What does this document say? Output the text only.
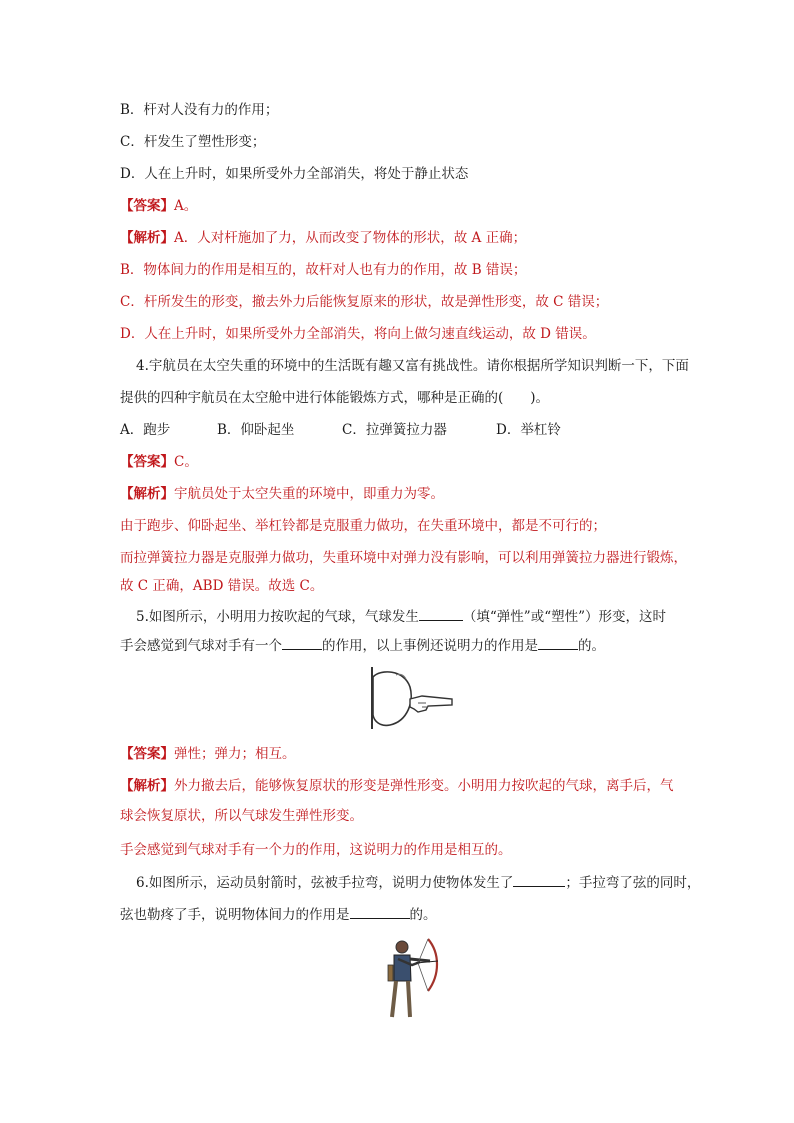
B．杆对人没有力的作用；
C．杆发生了塑性形变；
D．人在上升时，如果所受外力全部消失，将处于静止状态
【答案】A。
【解析】A．人对杆施加了力，从而改变了物体的形状，故 A 正确；
B．物体间力的作用是相互的，故杆对人也有力的作用，故 B 错误；
C．杆所发生的形变，撤去外力后能恢复原来的形状，故是弹性形变，故 C 错误；
D．人在上升时，如果所受外力全部消失，将向上做匀速直线运动，故 D 错误。
4.宇航员在太空失重的环境中的生活既有趣又富有挑战性。请你根据所学知识判断一下，下面
提供的四种宇航员在太空舱中进行体能锻炼方式，哪种是正确的(　　)。
A．跑步	B．仰卧起坐	C．拉弹簧拉力器	D．举杠铃
【答案】C。
【解析】宇航员处于太空失重的环境中，即重力为零。
由于跑步、仰卧起坐、举杠铃都是克服重力做功，在失重环境中，都是不可行的；
而拉弹簧拉力器是克服弹力做功，失重环境中对弹力没有影响，可以利用弹簧拉力器进行锻炼，
故 C 正确，ABD 错误。故选 C。
5.如图所示，小明用力按吹起的气球，气球发生	（填“弹性”或“塑性”）形变，这时
手会感觉到气球对手有一个	的作用，以上事例还说明力的作用是	的。
【答案】弹性；弹力；相互。
【解析】外力撤去后，能够恢复原状的形变是弹性形变。小明用力按吹起的气球，离手后，气
球会恢复原状，所以气球发生弹性形变。
手会感觉到气球对手有一个力的作用，这说明力的作用是相互的。
6.如图所示，运动员射箭时，弦被手拉弯，说明力使物体发生了	；手拉弯了弦的同时，
弦也勒疼了手，说明物体间力的作用是	的。
